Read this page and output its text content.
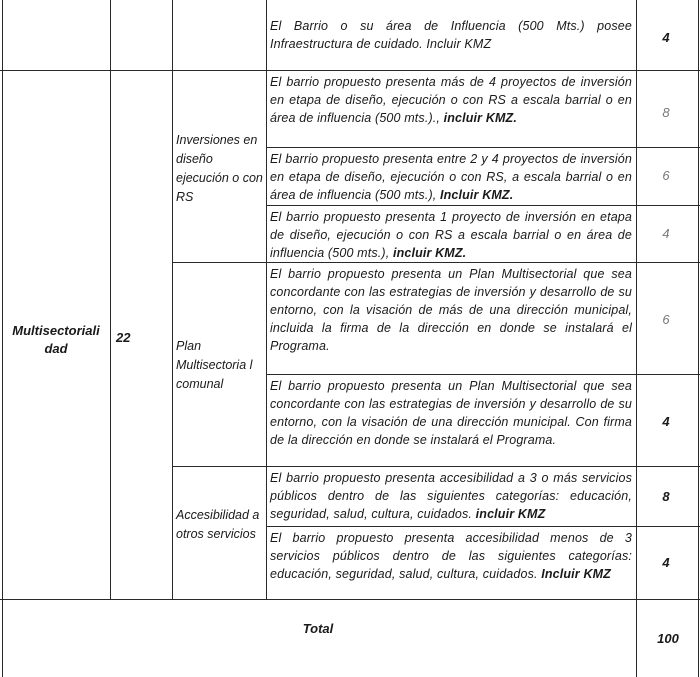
Multisectoriali dad
22
Inversiones en diseño ejecución o con RS
Plan Multisectoria l comunal
Accesibilidad a otros servicios
El Barrio o su área de Influencia (500 Mts.) posee Infraestructura de cuidado. Incluir KMZ
El barrio propuesto presenta más de 4 proyectos de inversión en etapa de diseño, ejecución o con RS a escala barrial o en área de influencia (500 mts.)., incluir KMZ.
El barrio propuesto presenta entre 2 y 4 proyectos de inversión en etapa de diseño, ejecución o con RS, a escala barrial o en área de influencia (500 mts.), Incluir KMZ.
El barrio propuesto presenta 1 proyecto de inversión en etapa de diseño, ejecución o con RS a escala barrial o en área de influencia (500 mts.), incluir KMZ.
El barrio propuesto presenta un Plan Multisectorial que sea concordante con las estrategias de inversión y desarrollo de su entorno, con la visación de más de una dirección municipal, incluida la firma de la dirección en donde se instalará el Programa.
El barrio propuesto presenta un Plan Multisectorial que sea concordante con las estrategias de inversión y desarrollo de su entorno, con la visación de una dirección municipal. Con firma de la dirección en donde se instalará el Programa.
El barrio propuesto presenta accesibilidad a 3 o más servicios públicos dentro de las siguientes categorías: educación, seguridad, salud, cultura, cuidados. incluir KMZ
El barrio propuesto presenta accesibilidad menos de 3 servicios públicos dentro de las siguientes categorías: educación, seguridad, salud, cultura, cuidados. Incluir KMZ
4
8
6
4
6
4
8
4
Total
100
